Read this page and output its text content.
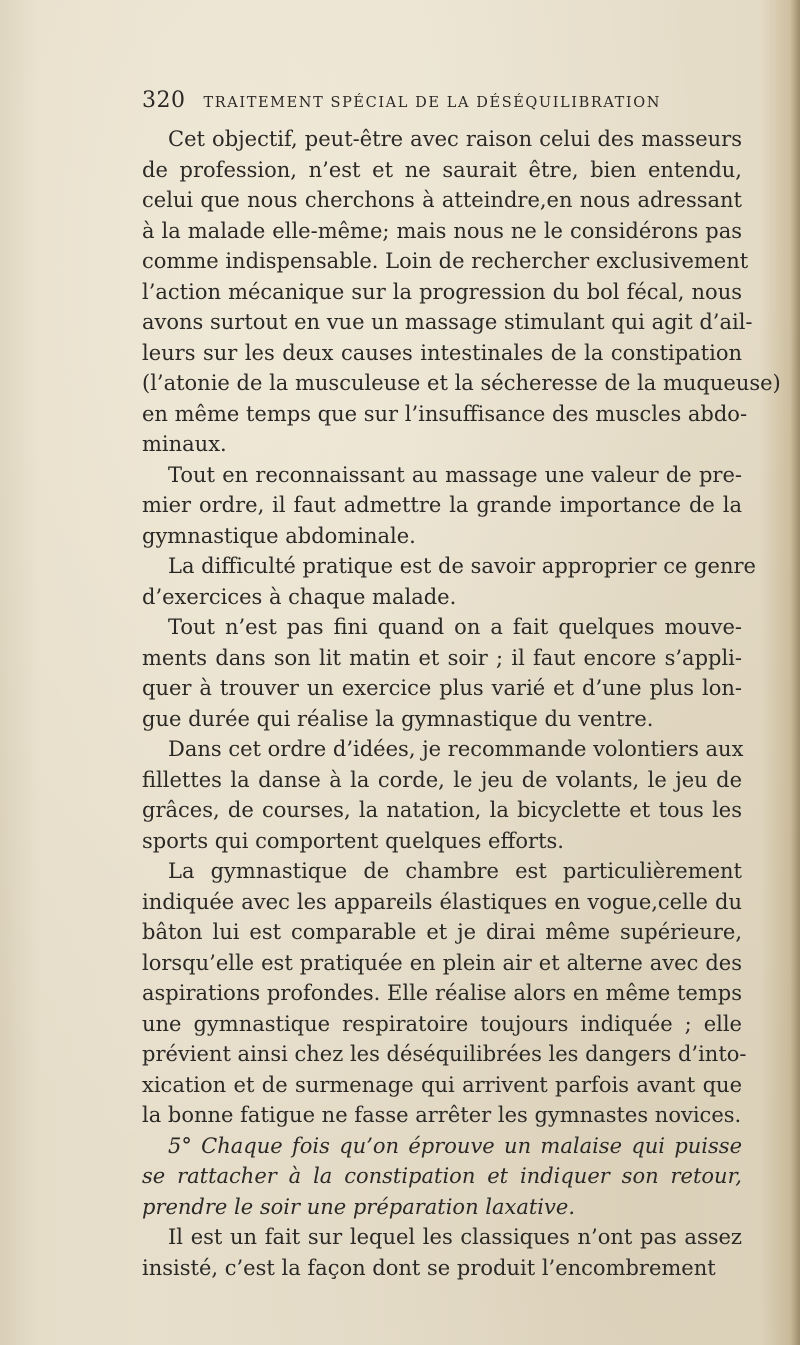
320 TRAITEMENT SPÉCIAL DE LA DÉSÉQUILIBRATION
Cet objectif, peut-être avec raison celui des masseurs
de profession, n’est et ne saurait être, bien entendu,
celui que nous cherchons à atteindre,en nous adressant
à la malade elle-même; mais nous ne le considérons pas
comme indispensable. Loin de rechercher exclusivement
l’action mécanique sur la progression du bol fécal, nous
avons surtout en vue un massage stimulant qui agit d’ail-
leurs sur les deux causes intestinales de la constipation
(l’atonie de la musculeuse et la sécheresse de la muqueuse)
en même temps que sur l’insuffisance des muscles abdo-
minaux.
Tout en reconnaissant au massage une valeur de pre-
mier ordre, il faut admettre la grande importance de la
gymnastique abdominale.
La difficulté pratique est de savoir approprier ce genre
d’exercices à chaque malade.
Tout n’est pas fini quand on a fait quelques mouve-
ments dans son lit matin et soir ; il faut encore s’appli-
quer à trouver un exercice plus varié et d’une plus lon-
gue durée qui réalise la gymnastique du ventre.
Dans cet ordre d’idées, je recommande volontiers aux
fillettes la danse à la corde, le jeu de volants, le jeu de
grâces, de courses, la natation, la bicyclette et tous les
sports qui comportent quelques efforts.
La gymnastique de chambre est particulièrement
indiquée avec les appareils élastiques en vogue,celle du
bâton lui est comparable et je dirai même supérieure,
lorsqu’elle est pratiquée en plein air et alterne avec des
aspirations profondes. Elle réalise alors en même temps
une gymnastique respiratoire toujours indiquée ; elle
prévient ainsi chez les déséquilibrées les dangers d’into-
xication et de surmenage qui arrivent parfois avant que
la bonne fatigue ne fasse arrêter les gymnastes novices.
5° Chaque fois qu’on éprouve un malaise qui puisse
se rattacher à la constipation et indiquer son retour,
prendre le soir une préparation laxative.
Il est un fait sur lequel les classiques n’ont pas assez
insisté, c’est la façon dont se produit l’encombrement
